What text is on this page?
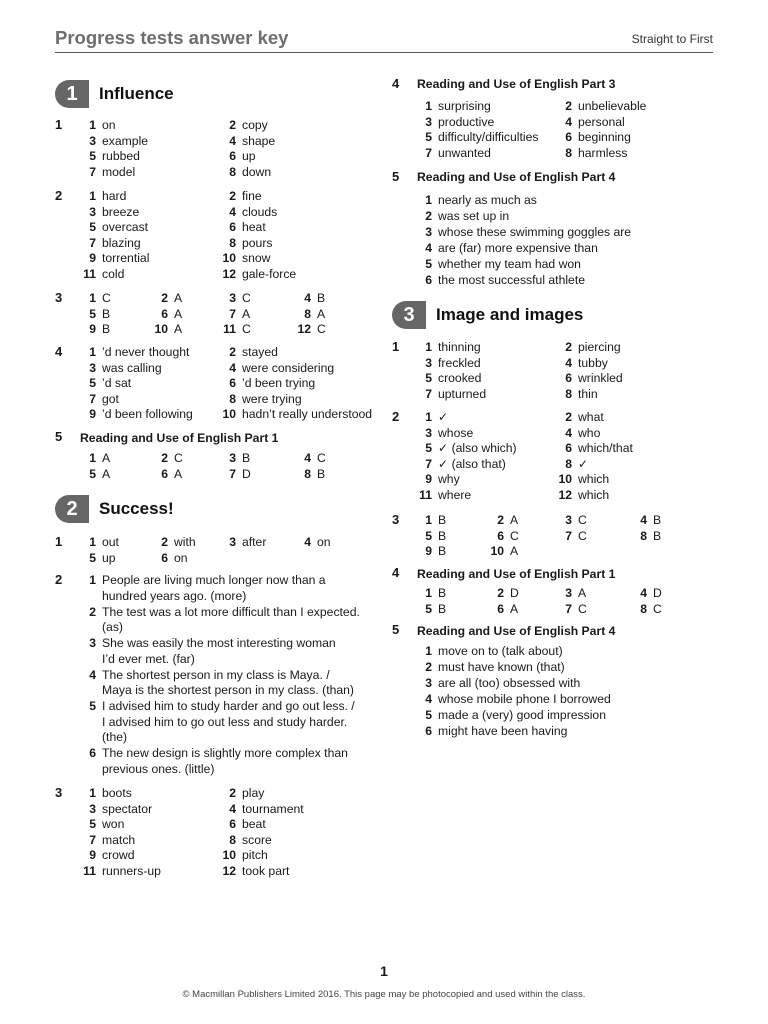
Progress tests answer key	Straight to First
1	Influence
1	1 on	2 copy
3 example	4 shape
5 rubbed	6 up
7 model	8 down
2	1 hard	2 fine
3 breeze	4 clouds
5 overcast	6 heat
7 blazing	8 pours
9 torrential	10 snow
11 cold	12 gale-force
3	1 C	2 A	3 C	4 B
5 B	6 A	7 A	8 A
9 B	10 A	11 C	12 C
4	1 ’d never thought	2 stayed
3 was calling	4 were considering
5 ’d sat	6 ’d been trying
7 got	8 were trying
9 ’d been following	10 hadn’t really understood
5 Reading and Use of English Part 1
1 A	2 C	3 B	4 C
5 A	6 A	7 D	8 B
2	Success!
1	1 out	2 with	3 after	4 on
5 up	6 on
2	1 People are living much longer now than a
hundred years ago. (more)
2 The test was a lot more difficult than I expected.
(as)
3 She was easily the most interesting woman
I’d ever met. (far)
4 The shortest person in my class is Maya. /
Maya is the shortest person in my class. (than)
5 I advised him to study harder and go out less. /
I advised him to go out less and study harder.
(the)
6 The new design is slightly more complex than
previous ones. (little)
3	1 boots	2 play
3 spectator	4 tournament
5 won	6 beat
7 match	8 score
9 crowd	10 pitch
11 runners-up	12 took part
4 Reading and Use of English Part 3
1 surprising	2 unbelievable
3 productive	4 personal
5 difficulty/difficulties	6 beginning
7 unwanted	8 harmless
5 Reading and Use of English Part 4
1 nearly as much as
2 was set up in
3 whose these swimming goggles are
4 are (far) more expensive than
5 whether my team had won
6 the most successful athlete
3	Image and images
1	1 thinning	2 piercing
3 freckled	4 tubby
5 crooked	6 wrinkled
7 upturned	8 thin
2	1 ✓	2 what
3 whose	4 who
5 ✓ (also which)	6 which/that
7 ✓ (also that)	8 ✓
9 why	10 which
11 where	12 which
3	1 B	2 A	3 C	4 B
5 B	6 C	7 C	8 B
9 B	10 A
4 Reading and Use of English Part 1
1 B	2 D	3 A	4 D
5 B	6 A	7 C	8 C
5 Reading and Use of English Part 4
1 move on to (talk about)
2 must have known (that)
3 are all (too) obsessed with
4 whose mobile phone I borrowed
5 made a (very) good impression
6 might have been having
1
© Macmillan Publishers Limited 2016. This page may be photocopied and used within the class.
